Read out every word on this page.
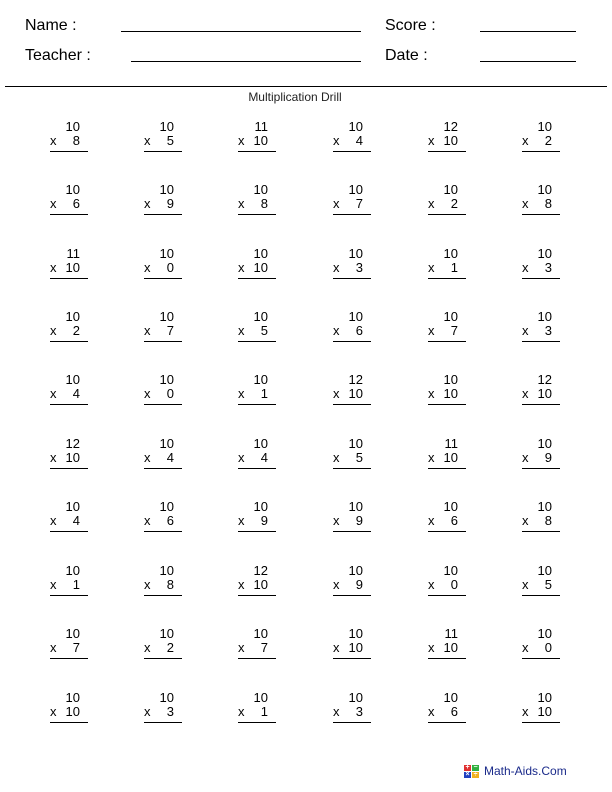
Name :	Score :
Teacher :	Date :
Multiplication Drill
10
x 8
10
x 5
11
x 10
10
x 4
12
x 10
10
x 2
10
x 6
10
x 9
10
x 8
10
x 7
10
x 2
10
x 8
11
x 10
10
x 0
10
x 10
10
x 3
10
x 1
10
x 3
10
x 2
10
x 7
10
x 5
10
x 6
10
x 7
10
x 3
10
x 4
10
x 0
10
x 1
12
x 10
10
x 10
12
x 10
12
x 10
10
x 4
10
x 4
10
x 5
11
x 10
10
x 9
10
x 4
10
x 6
10
x 9
10
x 9
10
x 6
10
x 8
10
x 1
10
x 8
12
x 10
10
x 9
10
x 0
10
x 5
10
x 7
10
x 2
10
x 7
10
x 10
11
x 10
10
x 0
10
x 10
10
x 3
10
x 1
10
x 3
10
x 6
10
x 10
+ −
× ÷ Math-Aids.Com
